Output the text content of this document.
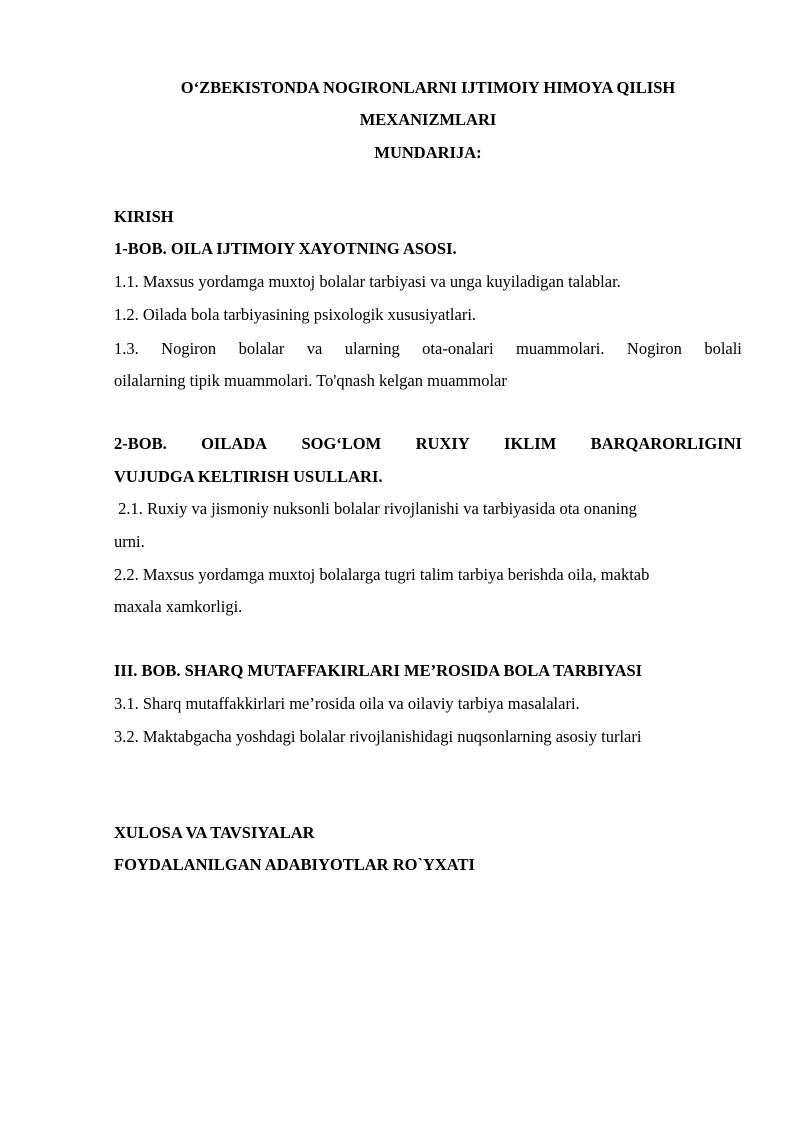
O‘ZBEKISTONDA NOGIRONLARNI IJTIMOIY HIMOYA QILISH
MEXANIZMLARI
MUNDARIJA:
KIRISH
1-BOB. OILA IJTIMOIY XAYOTNING ASOSI.
1.1. Maxsus yordamga muxtoj bolalar tarbiyasi va unga kuyiladigan talablar.
1.2. Oilada bola tarbiyasining psixologik xususiyatlari.
1.3. Nogiron bolalar va ularning ota-onalari muammolari. Nogiron bolali
oilalarning tipik muammolari. To'qnash kelgan muammolar
2-BOB. OILADA SOG‘LOM RUXIY IKLIM BARQARORLIGINI
VUJUDGA KELTIRISH USULLARI.
2.1. Ruxiy va jismoniy nuksonli bolalar rivojlanishi va tarbiyasida ota onaning
urni.
2.2. Maxsus yordamga muxtoj bolalarga tugri talim tarbiya berishda oila, maktab
maxala xamkorligi.
III. BOB. SHARQ MUTAFFAKIRLARI ME’ROSIDA BOLA TARBIYASI
3.1. Sharq mutaffakkirlari me’rosida oila va oilaviy tarbiya masalalari.
3.2. Maktabgacha yoshdagi bolalar rivojlanishidagi nuqsonlarning asosiy turlari
XULOSA VA TAVSIYALAR
FOYDALANILGAN ADABIYOTLAR RO`YXATI
